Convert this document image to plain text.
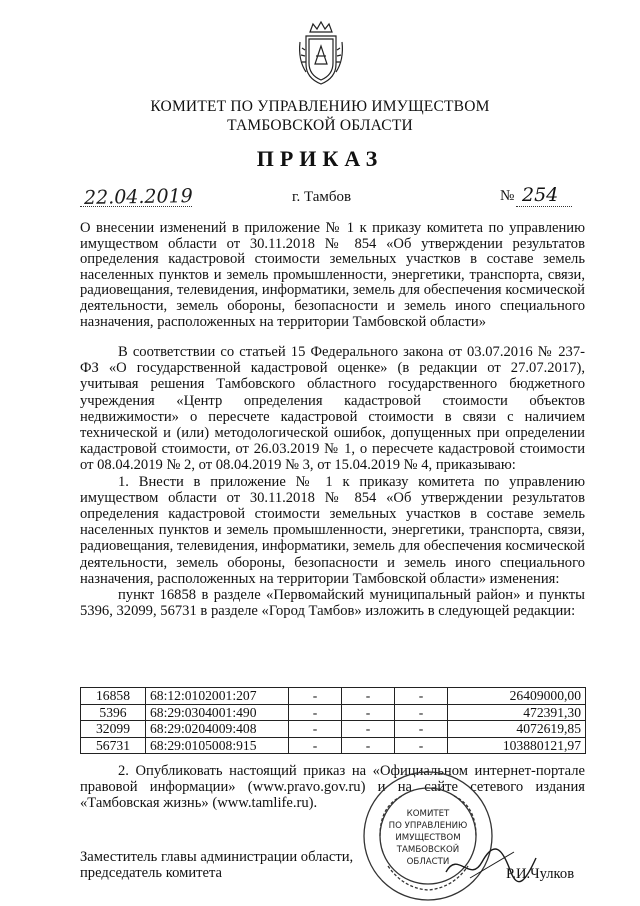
КОМИТЕТ ПО УПРАВЛЕНИЮ ИМУЩЕСТВОМ
ТАМБОВСКОЙ ОБЛАСТИ
ПРИКАЗ
22.04.2019	г. Тамбов	№ 254
О внесении изменений в приложение № 1 к приказу комитета по управлению имуществом области от 30.11.2018 № 854 «Об утверждении результатов определения кадастровой стоимости земельных участков в составе земель населенных пунктов и земель промышленности, энергетики, транспорта, связи, радиовещания, телевидения, информатики, земель для обеспечения космической деятельности, земель обороны, безопасности и земель иного специального назначения, расположенных на территории Тамбовской области»

В соответствии со статьей 15 Федерального закона от 03.07.2016 № 237-ФЗ «О государственной кадастровой оценке» (в редакции от 27.07.2017), учитывая решения Тамбовского областного государственного бюджетного учреждения «Центр определения кадастровой стоимости объектов недвижимости» о пересчете кадастровой стоимости в связи с наличием технической и (или) методологической ошибок, допущенных при определении кадастровой стоимости, от 26.03.2019 № 1, о пересчете кадастровой стоимости от 08.04.2019 № 2, от 08.04.2019 № 3, от 15.04.2019 № 4, приказываю:

1. Внести в приложение № 1 к приказу комитета по управлению имуществом области от 30.11.2018 № 854 «Об утверждении результатов определения кадастровой стоимости земельных участков в составе земель населенных пунктов и земель промышленности, энергетики, транспорта, связи, радиовещания, телевидения, информатики, земель для обеспечения космической деятельности, земель обороны, безопасности и земель иного специального назначения, расположенных на территории Тамбовской области» изменения:

пункт 16858 в разделе «Первомайский муниципальный район» и пункты 5396, 32099, 56731 в разделе «Город Тамбов» изложить в следующей редакции:

16858	68:12:0102001:207	-	-	-	26409000,00
5396	68:29:0304001:490	-	-	-	472391,30
32099	68:29:0204009:408	-	-	-	4072619,85
56731	68:29:0105008:915	-	-	-	103880121,97

2. Опубликовать настоящий приказ на «Официальном интернет-портале правовой информации» (www.pravo.gov.ru) и на сайте сетевого издания «Тамбовская жизнь» (www.tamlife.ru).

Заместитель главы администрации области,
председатель комитета	Р.И.Чулков
КОМИТЕТ
ПО УПРАВЛЕНИЮ
ИМУЩЕСТВОМ
ТАМБОВСКОЙ
ОБЛАСТИ
